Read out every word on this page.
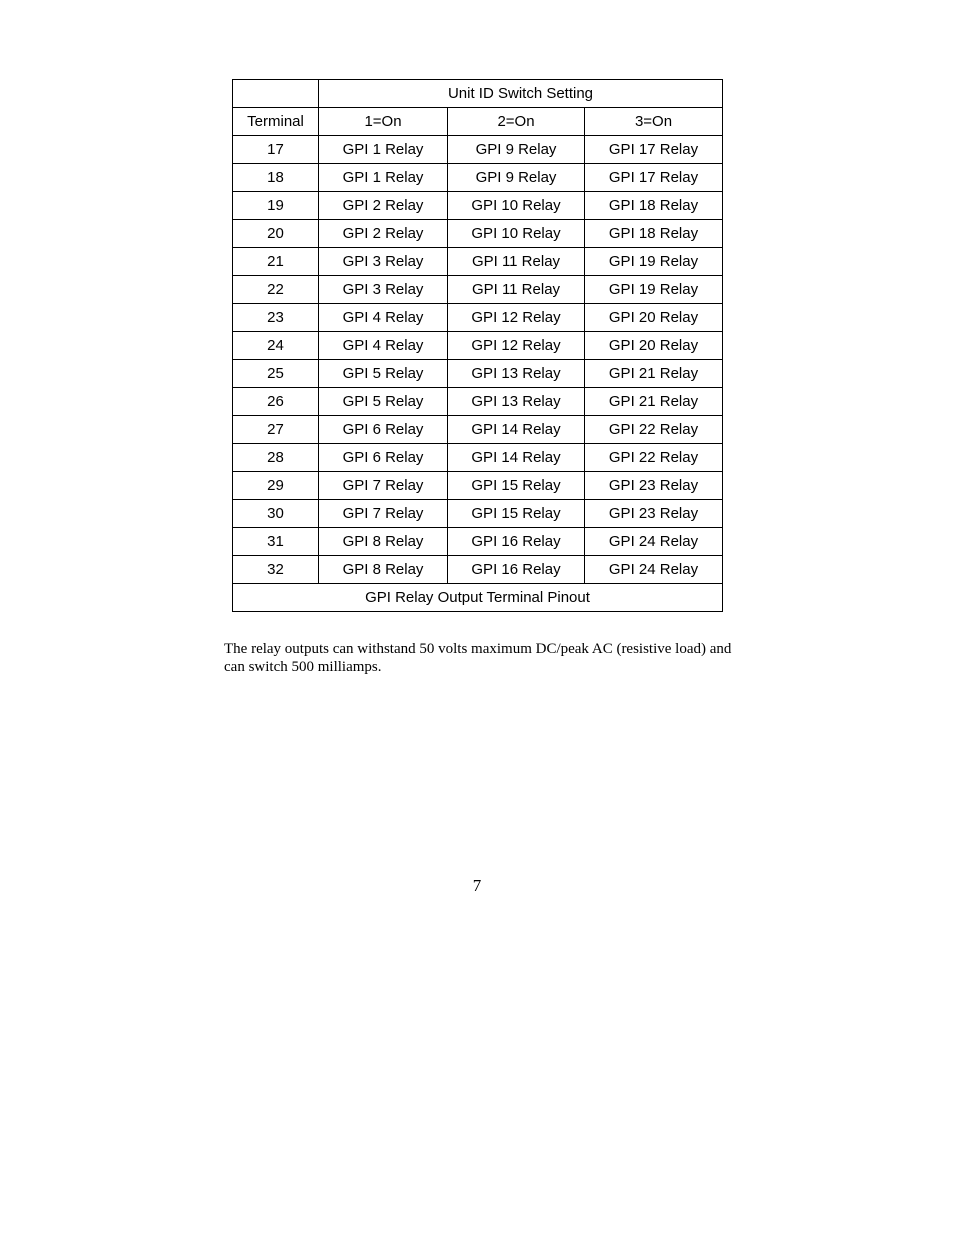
	Unit ID Switch Setting		
Terminal	1=On	2=On	3=On
17	GPI 1 Relay	GPI 9 Relay	GPI 17 Relay
18	GPI 1 Relay	GPI 9 Relay	GPI 17 Relay
19	GPI 2 Relay	GPI 10 Relay	GPI 18 Relay
20	GPI 2 Relay	GPI 10 Relay	GPI 18 Relay
21	GPI 3 Relay	GPI 11 Relay	GPI 19 Relay
22	GPI 3 Relay	GPI 11 Relay	GPI 19 Relay
23	GPI 4 Relay	GPI 12 Relay	GPI 20 Relay
24	GPI 4 Relay	GPI 12 Relay	GPI 20 Relay
25	GPI 5 Relay	GPI 13 Relay	GPI 21 Relay
26	GPI 5 Relay	GPI 13 Relay	GPI 21 Relay
27	GPI 6 Relay	GPI 14 Relay	GPI 22 Relay
28	GPI 6 Relay	GPI 14 Relay	GPI 22 Relay
29	GPI 7 Relay	GPI 15 Relay	GPI 23 Relay
30	GPI 7 Relay	GPI 15 Relay	GPI 23 Relay
31	GPI 8 Relay	GPI 16 Relay	GPI 24 Relay
32	GPI 8 Relay	GPI 16 Relay	GPI 24 Relay
GPI Relay Output Terminal Pinout			

The relay outputs can withstand 50 volts maximum DC/peak AC (resistive load) and can switch 500 milliamps.

7
